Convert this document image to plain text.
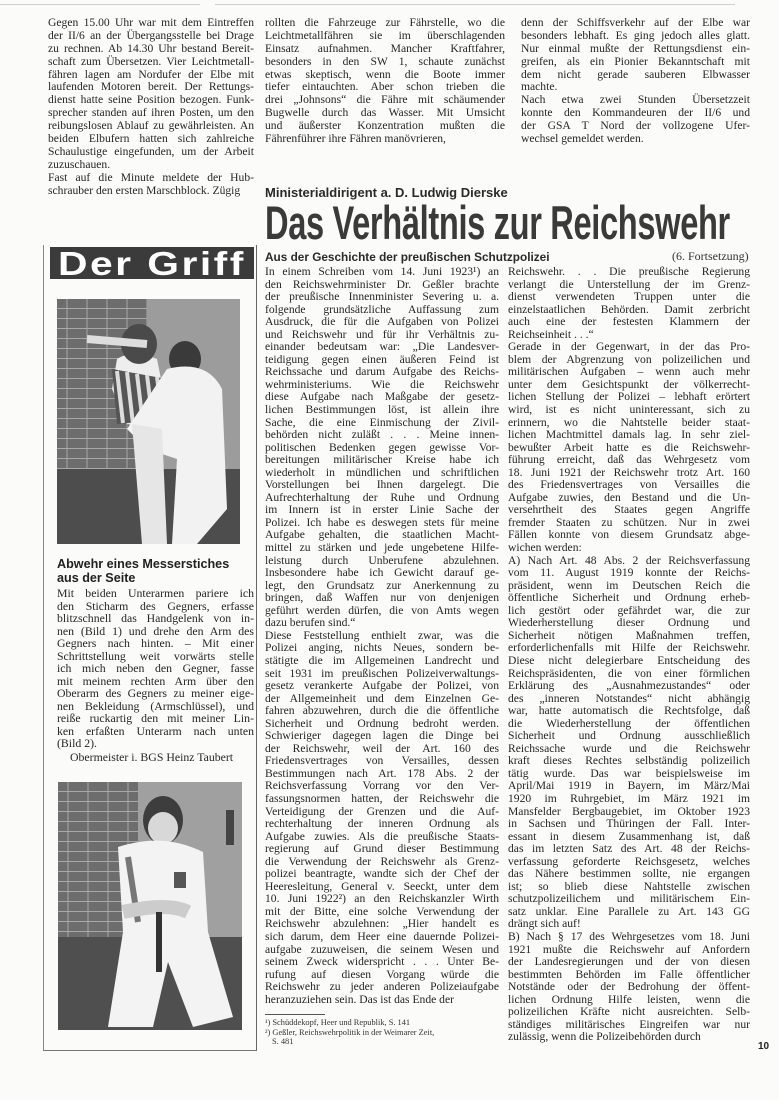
Gegen 15.00 Uhr war mit dem Eintreffen
der II/6 an der Übergangsstelle bei Drage
zu rechnen. Ab 14.30 Uhr bestand Bereit-
schaft zum Übersetzen. Vier Leichtmetall-
fähren lagen am Nordufer der Elbe mit
laufenden Motoren bereit. Der Rettungs-
dienst hatte seine Position bezogen. Funk-
sprecher standen auf ihren Posten, um den
reibungslosen Ablauf zu gewährleisten. An
beiden Elbufern hatten sich zahlreiche
Schaulustige eingefunden, um der Arbeit
zuzuschauen.
Fast auf die Minute meldete der Hub-
schrauber den ersten Marschblock. Zügig
rollten die Fahrzeuge zur Fährstelle, wo die
Leichtmetallfähren sie im überschlagenden
Einsatz aufnahmen. Mancher Kraftfahrer,
besonders in den SW 1, schaute zunächst
etwas skeptisch, wenn die Boote immer
tiefer eintauchten. Aber schon trieben die
drei „Johnsons“ die Fähre mit schäumender
Bugwelle durch das Wasser. Mit Umsicht
und äußerster Konzentration mußten die
Fährenführer ihre Fähren manövrieren,
denn der Schiffsverkehr auf der Elbe war
besonders lebhaft. Es ging jedoch alles glatt.
Nur einmal mußte der Rettungsdienst ein-
greifen, als ein Pionier Bekanntschaft mit
dem nicht gerade sauberen Elbwasser
machte.
Nach etwa zwei Stunden Übersetzzeit
konnte den Kommandeuren der II/6 und
der GSA T Nord der vollzogene Ufer-
wechsel gemeldet werden.
Ministerialdirigent a. D. Ludwig Dierske
Das Verhältnis zur Reichswehr
Aus der Geschichte der preußischen Schutzpolizei	(6. Fortsetzung)
In einem Schreiben vom 14. Juni 1923¹) an
den Reichswehrminister Dr. Geßler brachte
der preußische Innenminister Severing u. a.
folgende grundsätzliche Auffassung zum
Ausdruck, die für die Aufgaben von Polizei
und Reichswehr und für ihr Verhältnis zu-
einander bedeutsam war: „Die Landesver-
teidigung gegen einen äußeren Feind ist
Reichssache und darum Aufgabe des Reichs-
wehrministeriums. Wie die Reichswehr
diese Aufgabe nach Maßgabe der gesetz-
lichen Bestimmungen löst, ist allein ihre
Sache, die eine Einmischung der Zivil-
behörden nicht zuläßt . . . Meine innen-
politischen Bedenken gegen gewisse Vor-
bereitungen militärischer Kreise habe ich
wiederholt in mündlichen und schriftlichen
Vorstellungen bei Ihnen dargelegt. Die
Aufrechterhaltung der Ruhe und Ordnung
im Innern ist in erster Linie Sache der
Polizei. Ich habe es deswegen stets für meine
Aufgabe gehalten, die staatlichen Macht-
mittel zu stärken und jede ungebetene Hilfe-
leistung durch Unberufene abzulehnen.
Insbesondere habe ich Gewicht darauf ge-
legt, den Grundsatz zur Anerkennung zu
bringen, daß Waffen nur von denjenigen
geführt werden dürfen, die von Amts wegen
dazu berufen sind.“
Diese Feststellung enthielt zwar, was die
Polizei anging, nichts Neues, sondern be-
stätigte die im Allgemeinen Landrecht und
seit 1931 im preußischen Polizeiverwaltungs-
gesetz verankerte Aufgabe der Polizei, von
der Allgemeinheit und dem Einzelnen Ge-
fahren abzuwehren, durch die die öffentliche
Sicherheit und Ordnung bedroht werden.
Schwieriger dagegen lagen die Dinge bei
der Reichswehr, weil der Art. 160 des
Friedensvertrages von Versailles, dessen
Bestimmungen nach Art. 178 Abs. 2 der
Reichsverfassung Vorrang vor den Ver-
fassungsnormen hatten, der Reichswehr die
Verteidigung der Grenzen und die Auf-
rechterhaltung der inneren Ordnung als
Aufgabe zuwies. Als die preußische Staats-
regierung auf Grund dieser Bestimmung
die Verwendung der Reichswehr als Grenz-
polizei beantragte, wandte sich der Chef der
Heeresleitung, General v. Seeckt, unter dem
10. Juni 1922²) an den Reichskanzler Wirth
mit der Bitte, eine solche Verwendung der
Reichswehr abzulehnen: „Hier handelt es
sich darum, dem Heer eine dauernde Polizei-
aufgabe zuzuweisen, die seinem Wesen und
seinem Zweck widerspricht . . . Unter Be-
rufung auf diesen Vorgang würde die
Reichswehr zu jeder anderen Polizeiaufgabe
heranzuziehen sein. Das ist das Ende der
Reichswehr. . . Die preußische Regierung
verlangt die Unterstellung der im Grenz-
dienst verwendeten Truppen unter die
einzelstaatlichen Behörden. Damit zerbricht
auch eine der festesten Klammern der
Reichseinheit . . .“
Gerade in der Gegenwart, in der das Pro-
blem der Abgrenzung von polizeilichen und
militärischen Aufgaben – wenn auch mehr
unter dem Gesichtspunkt der völkerrecht-
lichen Stellung der Polizei – lebhaft erörtert
wird, ist es nicht uninteressant, sich zu
erinnern, wo die Nahtstelle beider staat-
lichen Machtmittel damals lag. In sehr ziel-
bewußter Arbeit hatte es die Reichswehr-
führung erreicht, daß das Wehrgesetz vom
18. Juni 1921 der Reichswehr trotz Art. 160
des Friedensvertrages von Versailles die
Aufgabe zuwies, den Bestand und die Un-
versehrtheit des Staates gegen Angriffe
fremder Staaten zu schützen. Nur in zwei
Fällen konnte von diesem Grundsatz abge-
wichen werden:
A) Nach Art. 48 Abs. 2 der Reichsverfassung
vom 11. August 1919 konnte der Reichs-
präsident, wenn im Deutschen Reich die
öffentliche Sicherheit und Ordnung erheb-
lich gestört oder gefährdet war, die zur
Wiederherstellung dieser Ordnung und
Sicherheit nötigen Maßnahmen treffen,
erforderlichenfalls mit Hilfe der Reichswehr.
Diese nicht delegierbare Entscheidung des
Reichspräsidenten, die von einer förmlichen
Erklärung des „Ausnahmezustandes“ oder
des „inneren Notstandes“ nicht abhängig
war, hatte automatisch die Rechtsfolge, daß
die Wiederherstellung der öffentlichen
Sicherheit und Ordnung ausschließlich
Reichssache wurde und die Reichswehr
kraft dieses Rechtes selbständig polizeilich
tätig wurde. Das war beispielsweise im
April/Mai 1919 in Bayern, im März/Mai
1920 im Ruhrgebiet, im März 1921 im
Mansfelder Bergbaugebiet, im Oktober 1923
in Sachsen und Thüringen der Fall. Inter-
essant in diesem Zusammenhang ist, daß
das im letzten Satz des Art. 48 der Reichs-
verfassung geforderte Reichsgesetz, welches
das Nähere bestimmen sollte, nie ergangen
ist; so blieb diese Nahtstelle zwischen
schutzpolizeilichem und militärischem Ein-
satz unklar. Eine Parallele zu Art. 143 GG
drängt sich auf!
B) Nach § 17 des Wehrgesetzes vom 18. Juni
1921 mußte die Reichswehr auf Anfordern
der Landesregierungen und der von diesen
bestimmten Behörden im Falle öffentlicher
Notstände oder der Bedrohung der öffent-
lichen Ordnung Hilfe leisten, wenn die
polizeilichen Kräfte nicht ausreichten. Selb-
ständiges militärisches Eingreifen war nur
zulässig, wenn die Polizeibehörden durch
¹) Schüddekopf, Heer und Republik, S. 141
²) Geßler, Reichswehrpolitik in der Weimarer Zeit,
S. 481	10
Der Griff
Abwehr eines Messerstiches
aus der Seite
Mit beiden Unterarmen pariere ich
den Sticharm des Gegners, erfasse
blitzschnell das Handgelenk von in-
nen (Bild 1) und drehe den Arm des
Gegners nach hinten. – Mit einer
Schrittstellung weit vorwärts stelle
ich mich neben den Gegner, fasse
mit meinem rechten Arm über den
Oberarm des Gegners zu meiner eige-
nen Bekleidung (Armschlüssel), und
reiße ruckartig den mit meiner Lin-
ken erfaßten Unterarm nach unten
(Bild 2).
Obermeister i. BGS Heinz Taubert
